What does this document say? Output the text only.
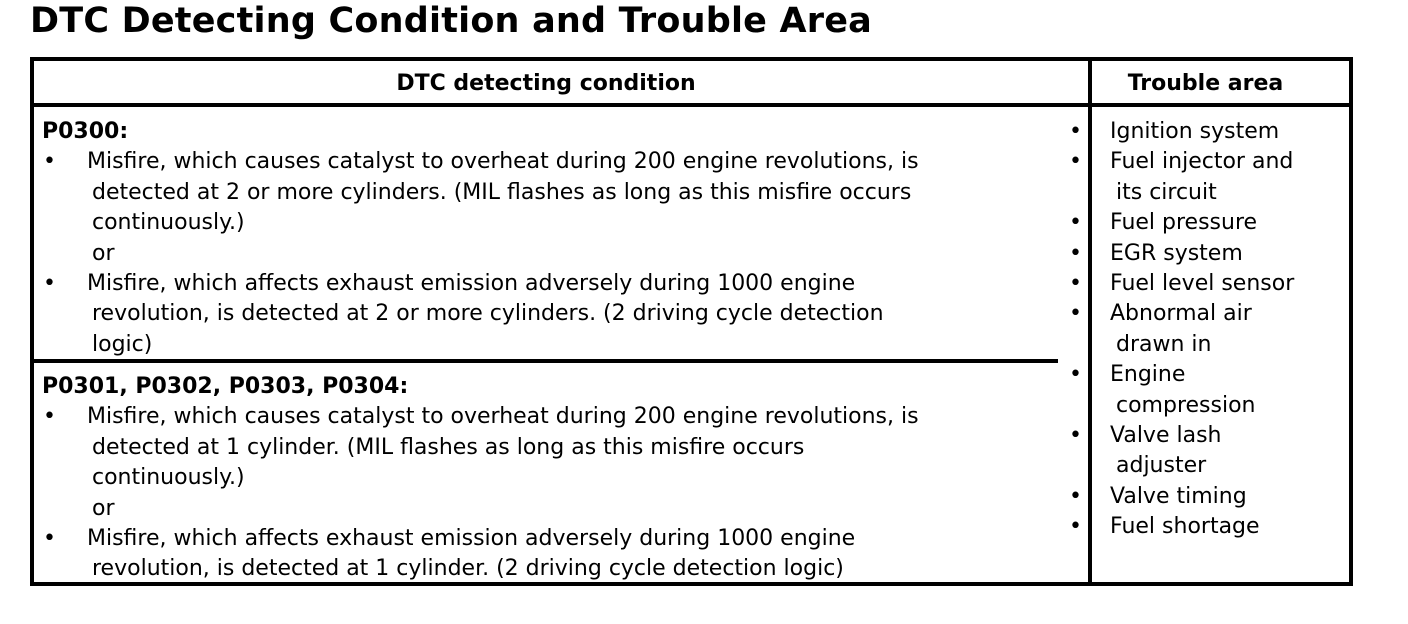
DTC Detecting Condition and Trouble Area
DTC detecting condition	Trouble area
P0300:
• Misfire, which causes catalyst to overheat during 200 engine revolutions, is
detected at 2 or more cylinders. (MIL flashes as long as this misfire occurs
continuously.)
or
• Misfire, which affects exhaust emission adversely during 1000 engine
revolution, is detected at 2 or more cylinders. (2 driving cycle detection
logic)
P0301, P0302, P0303, P0304:
• Misfire, which causes catalyst to overheat during 200 engine revolutions, is
detected at 1 cylinder. (MIL flashes as long as this misfire occurs
continuously.)
or
• Misfire, which affects exhaust emission adversely during 1000 engine
revolution, is detected at 1 cylinder. (2 driving cycle detection logic)
• Ignition system
• Fuel injector and
its circuit
• Fuel pressure
• EGR system
• Fuel level sensor
• Abnormal air
drawn in
• Engine
compression
• Valve lash
adjuster
• Valve timing
• Fuel shortage
